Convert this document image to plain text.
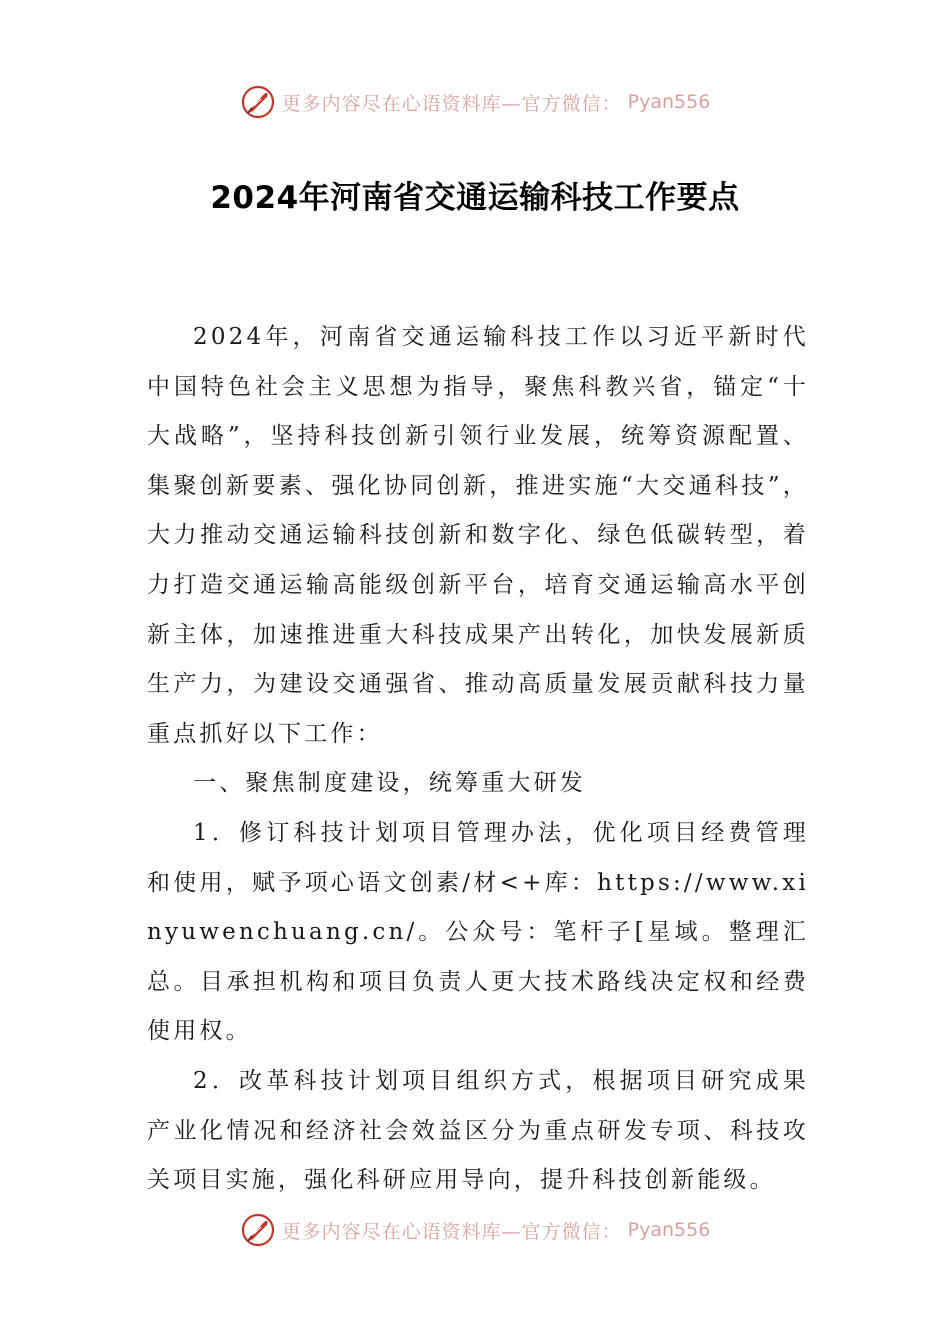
更多内容尽在心语资料库—官方微信： Pyan556
2024年河南省交通运输科技工作要点

2024年，河南省交通运输科技工作以习近平新时代中国特色社会主义思想为指导，聚焦科教兴省，锚定“十大战略”，坚持科技创新引领行业发展，统筹资源配置、集聚创新要素、强化协同创新，推进实施“大交通科技”，大力推动交通运输科技创新和数字化、绿色低碳转型，着力打造交通运输高能级创新平台，培育交通运输高水平创新主体，加速推进重大科技成果产出转化，加快发展新质生产力，为建设交通强省、推动高质量发展贡献科技力量重点抓好以下工作：

一、聚焦制度建设，统筹重大研发

1．修订科技计划项目管理办法，优化项目经费管理和使用，赋予项心语文创素/材<+库：https://www.xinyuwenchuang.cn/。公众号：笔杆子[星域。整理汇总。目承担机构和项目负责人更大技术路线决定权和经费使用权。

2．改革科技计划项目组织方式，根据项目研究成果产业化情况和经济社会效益区分为重点研发专项、科技攻关项目实施，强化科研应用导向，提升科技创新能级。

更多内容尽在心语资料库—官方微信： Pyan556
